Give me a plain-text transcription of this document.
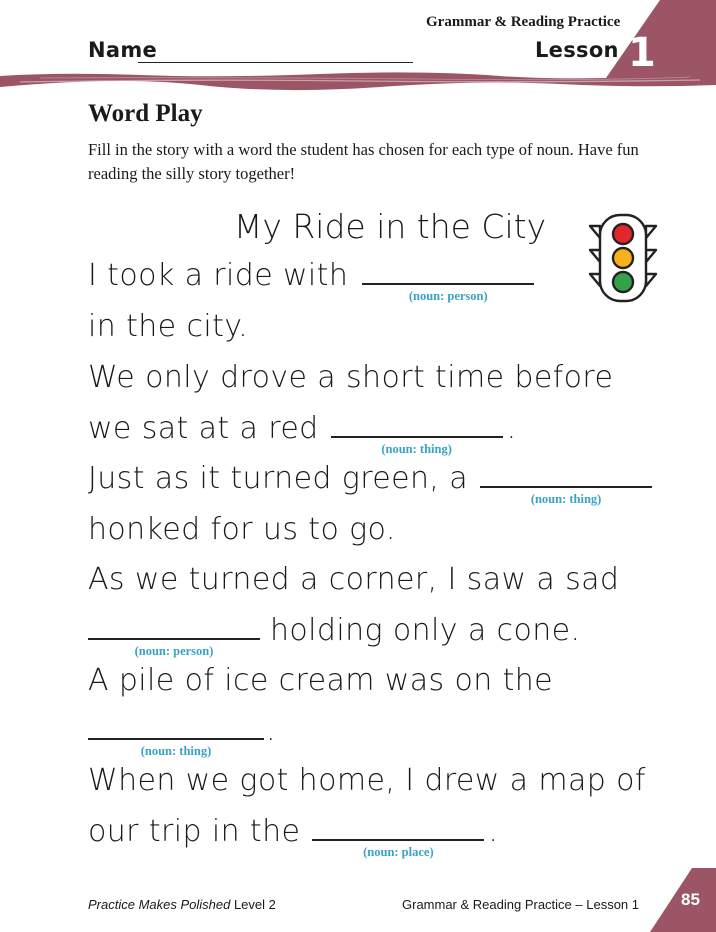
Grammar & Reading Practice
Name	Lesson 1
Word Play
Fill in the story with a word the student has chosen for each type of noun. Have fun reading the silly story together!
My Ride in the City
I took a ride with
(noun: person)
in the city.
We only drove a short time before
we sat at a red
(noun: thing)
.
Just as it turned green, a
(noun: thing)
honked for us to go.
As we turned a corner, I saw a sad
(noun: person)
holding only a cone.
A pile of ice cream was on the
(noun: thing)
.
When we got home, I drew a map of
our trip in the
(noun: place)
.
Practice Makes Polished Level 2	Grammar & Reading Practice – Lesson 1 85
